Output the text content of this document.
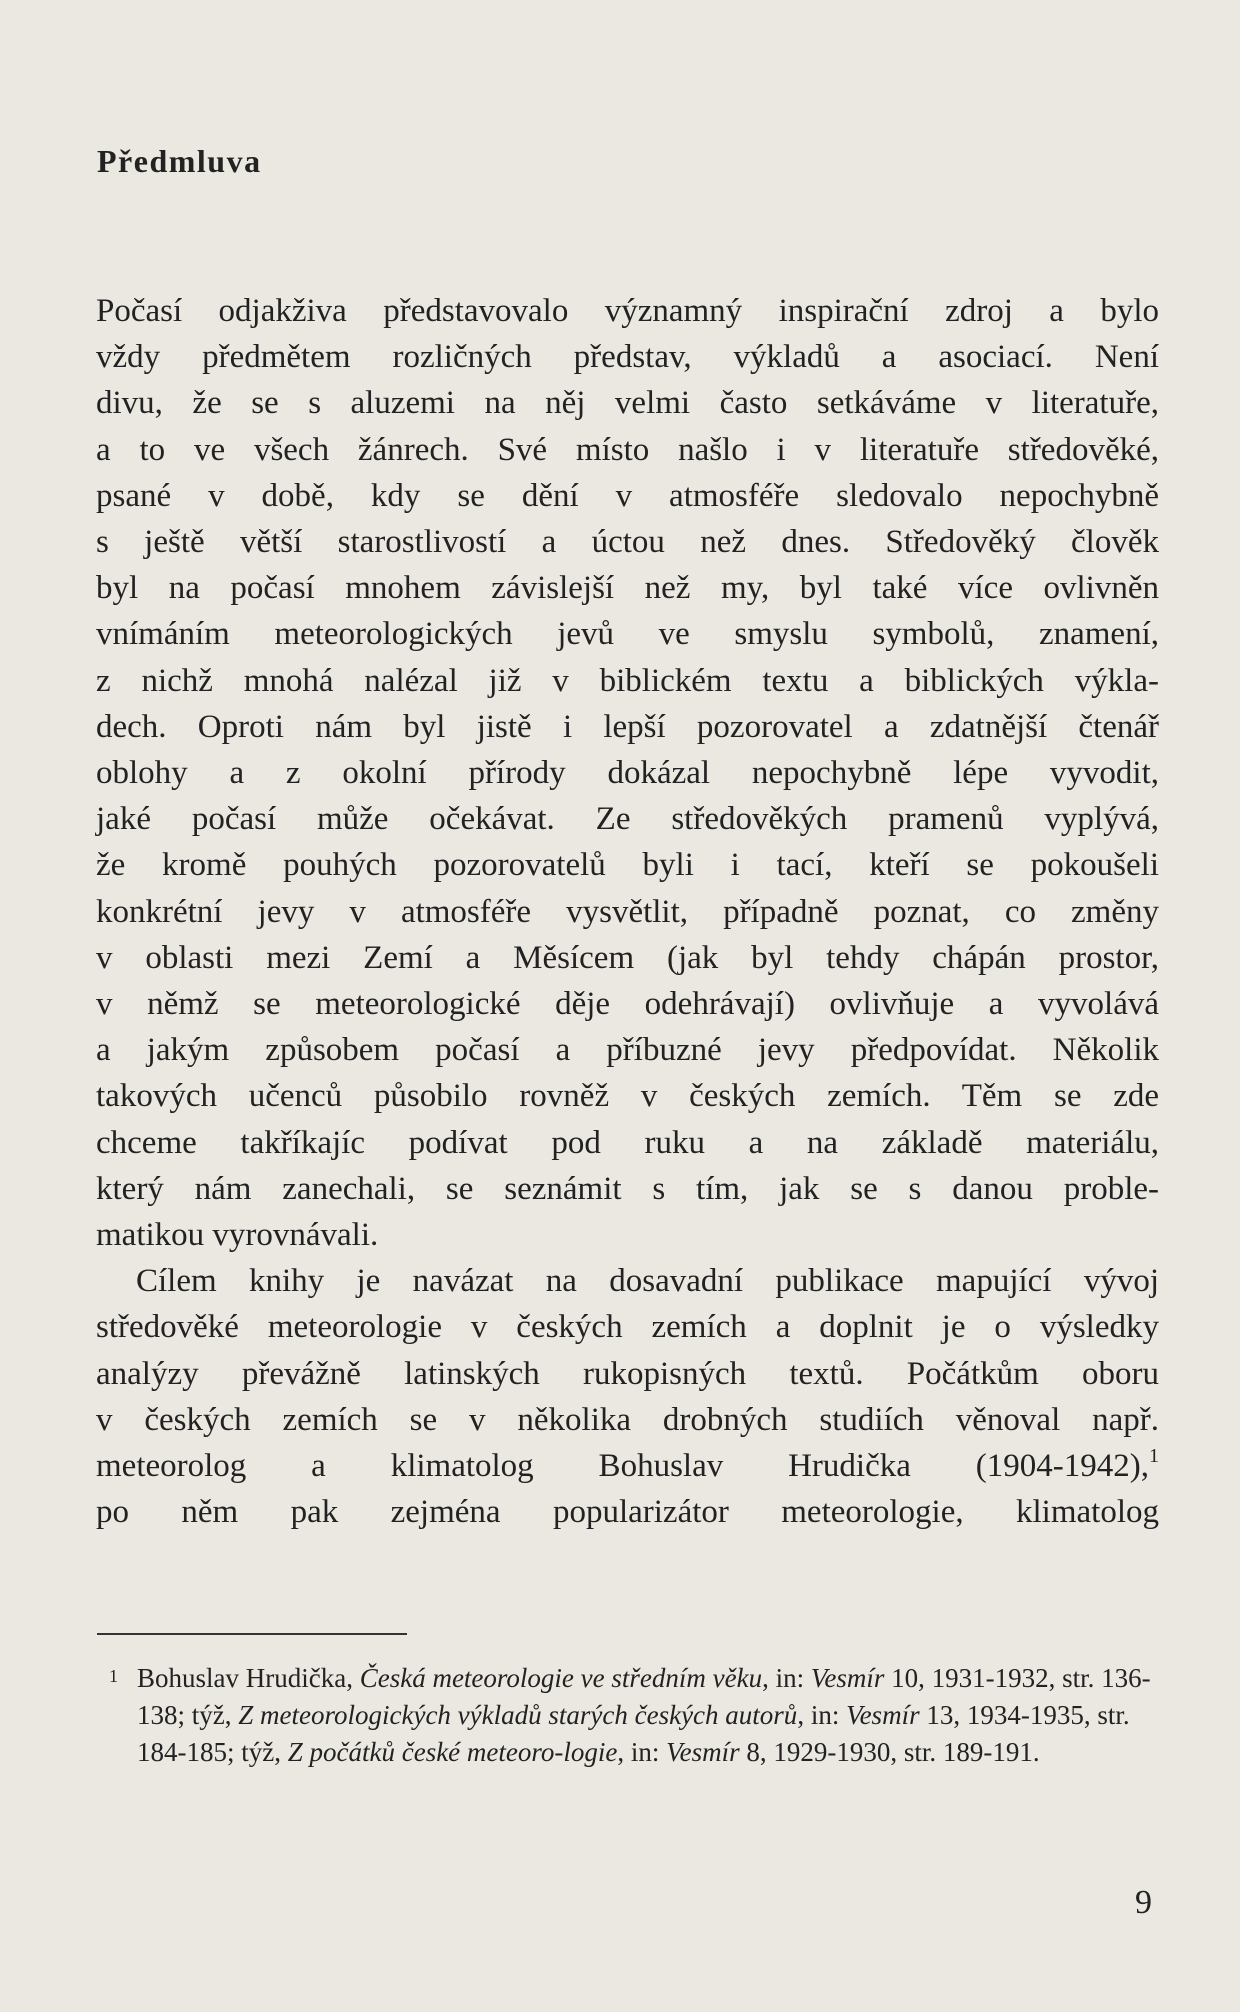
Předmluva
Počasí odjakživa představovalo významný inspirační zdroj a bylo
vždy předmětem rozličných představ, výkladů a asociací. Není
divu, že se s aluzemi na něj velmi často setkáváme v literatuře,
a to ve všech žánrech. Své místo našlo i v literatuře středověké,
psané v době, kdy se dění v atmosféře sledovalo nepochybně
s ještě větší starostlivostí a úctou než dnes. Středověký člověk
byl na počasí mnohem závislejší než my, byl také více ovlivněn
vnímáním meteorologických jevů ve smyslu symbolů, znamení,
z nichž mnohá nalézal již v biblickém textu a biblických výkla-
dech. Oproti nám byl jistě i lepší pozorovatel a zdatnější čtenář
oblohy a z okolní přírody dokázal nepochybně lépe vyvodit,
jaké počasí může očekávat. Ze středověkých pramenů vyplývá,
že kromě pouhých pozorovatelů byli i tací, kteří se pokoušeli
konkrétní jevy v atmosféře vysvětlit, případně poznat, co změny
v oblasti mezi Zemí a Měsícem (jak byl tehdy chápán prostor,
v němž se meteorologické děje odehrávají) ovlivňuje a vyvolává
a jakým způsobem počasí a příbuzné jevy předpovídat. Několik
takových učenců působilo rovněž v českých zemích. Těm se zde
chceme takříkajíc podívat pod ruku a na základě materiálu,
který nám zanechali, se seznámit s tím, jak se s danou proble-
matikou vyrovnávali.
Cílem knihy je navázat na dosavadní publikace mapující vývoj
středověké meteorologie v českých zemích a doplnit je o výsledky
analýzy převážně latinských rukopisných textů. Počátkům oboru
v českých zemích se v několika drobných studiích věnoval např.
meteorolog a klimatolog Bohuslav Hrudička (1904-1942),$^1$
po něm pak zejména popularizátor meteorologie, klimatolog
1 Bohuslav Hrudička, Česká meteorologie ve středním věku, in: Vesmír 10, 1931-1932, str. 136-138; týž, Z meteorologických výkladů starých českých autorů, in: Vesmír 13, 1934-1935, str. 184-185; týž, Z počátků české meteoro-logie, in: Vesmír 8, 1929-1930, str. 189-191.
9
